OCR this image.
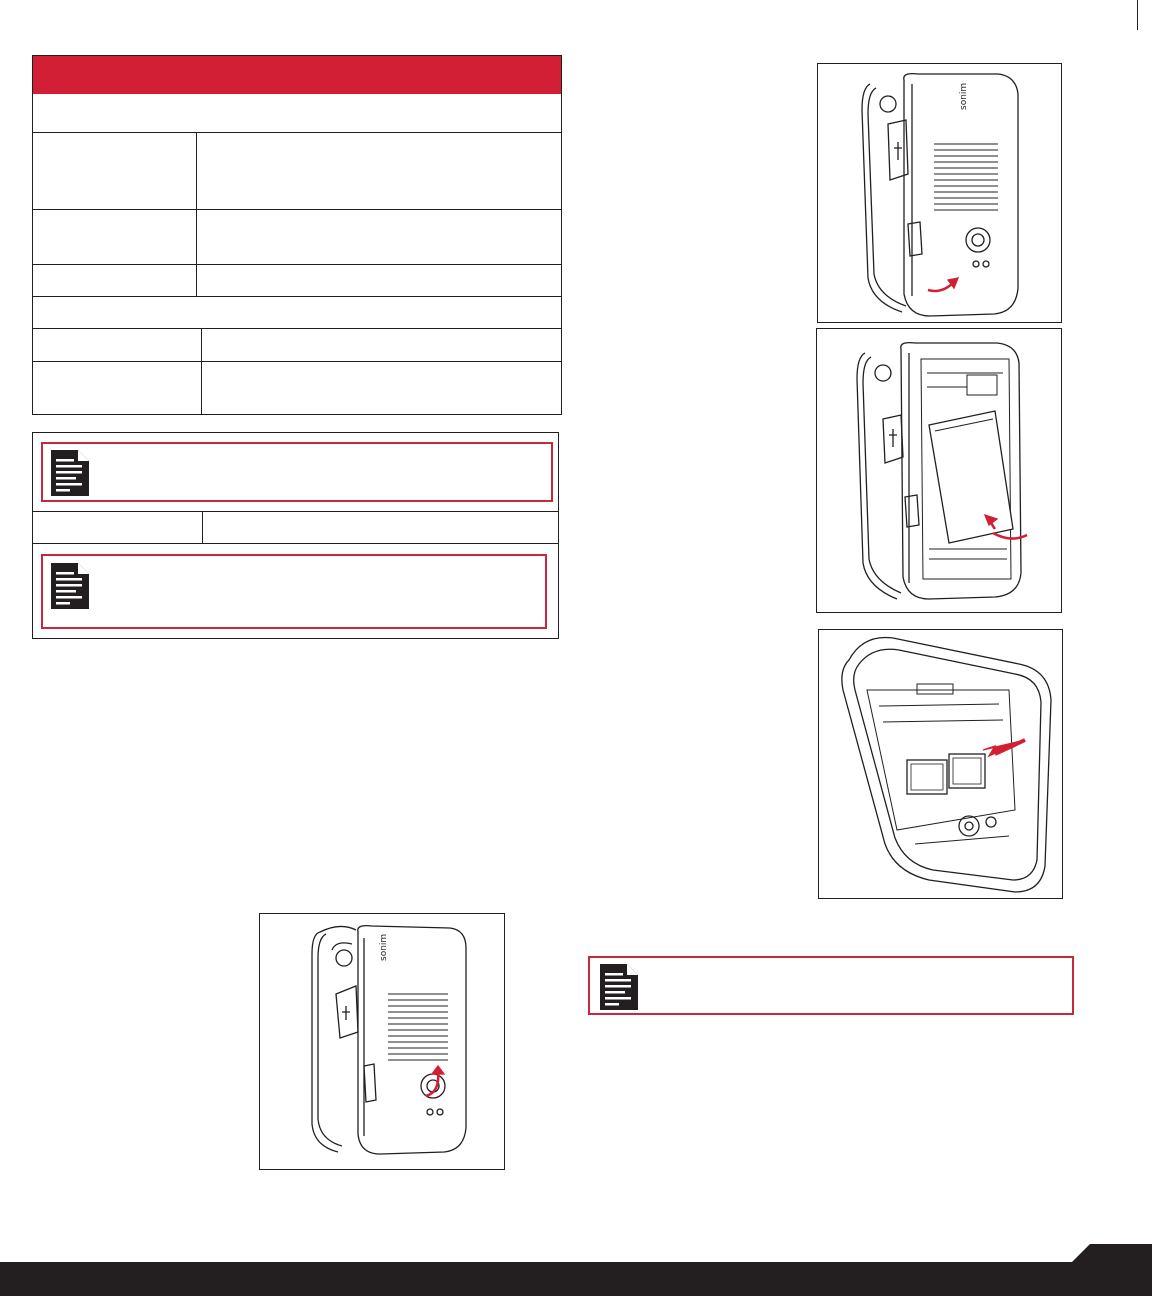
sonim
sonim
